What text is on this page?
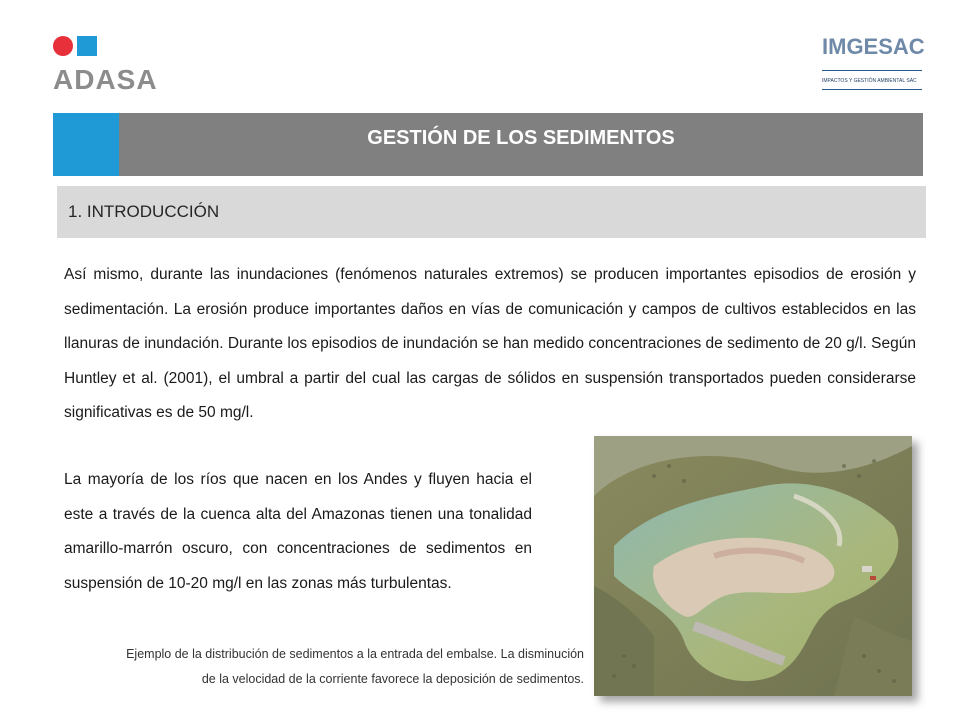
ADASA
IMGESAC
IMPACTOS Y GESTIÓN AMBIENTAL SAC
GESTIÓN DE LOS SEDIMENTOS
1. INTRODUCCIÓN

Así mismo, durante las inundaciones (fenómenos naturales extremos) se producen importantes episodios de erosión y sedimentación. La erosión produce importantes daños en vías de comunicación y campos de cultivos establecidos en las llanuras de inundación. Durante los episodios de inundación se han medido concentraciones de sedimento de 20 g/l. Según Huntley et al. (2001), el umbral a partir del cual las cargas de sólidos en suspensión transportados pueden considerarse significativas es de 50 mg/l.

La mayoría de los ríos que nacen en los Andes y fluyen hacia el este a través de la cuenca alta del Amazonas tienen una tonalidad amarillo-marrón oscuro, con concentraciones de sedimentos en suspensión de 10-20 mg/l en las zonas más turbulentas.

Ejemplo de la distribución de sedimentos a la entrada del embalse. La disminución
de la velocidad de la corriente favorece la deposición de sedimentos.
